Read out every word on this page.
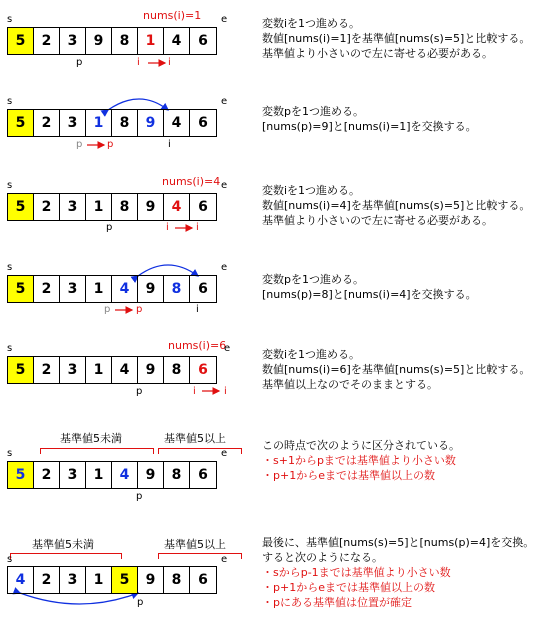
s	nums(i)=1 e
5	2	3	9	8	1	4	6
p	i	i
変数iを1つ進める。
数値[nums(i)=1]を基準値[nums(s)=5]と比較する。
基準値より小さいので左に寄せる必要がある。
s	e
5	2	3	1	8	9	4	6
p p	i
変数pを1つ進める。
[nums(p)=9]と[nums(i)=1]を交換する。
s	nums(i)=4 e
5	2	3	1	8	9	4	6
p	i	i
変数iを1つ進める。
数値[nums(i)=4]を基準値[nums(s)=5]と比較する。
基準値より小さいので左に寄せる必要がある。
s	e
5	2	3	1	4	9	8	6
p	p	i
変数pを1つ進める。
[nums(p)=8]と[nums(i)=4]を交換する。
s	nums(i)=6
e
5	2	3	1	4	9	8	6
p	i	i
変数iを1つ進める。
数値[nums(i)=6]を基準値[nums(s)=5]と比較する。
基準値以上なのでそのままとする。
基準値5未満	基準値5以上
s	e
5	2	3	1	4	9	8	6
p
この時点で次のように区分されている。
・s+1からpまでは基準値より小さい数
・p+1からeまでは基準値以上の数
基準値5未満	基準値5以上
s	e
4	2	3	1	5	9	8	6
p
最後に、基準値[nums(s)=5]と[nums(p)=4]を交換。
すると次のようになる。
・sからp-1までは基準値より小さい数
・p+1からeまでは基準値以上の数
・pにある基準値は位置が確定
